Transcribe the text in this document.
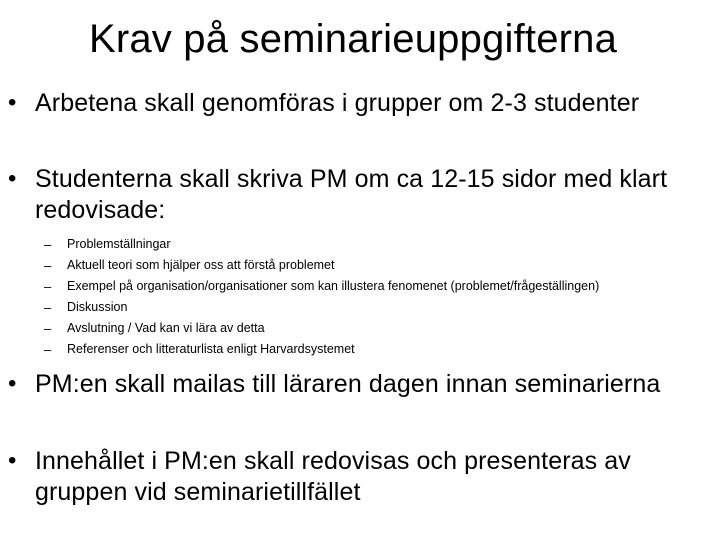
Krav på seminarieuppgifterna
• Arbetena skall genomföras i grupper om 2-3 studenter
• Studenterna skall skriva PM om ca 12-15 sidor med klart redovisade:
– Problemställningar
– Aktuell teori som hjälper oss att förstå problemet
– Exempel på organisation/organisationer som kan illustera fenomenet (problemet/frågeställingen)
– Diskussion
– Avslutning / Vad kan vi lära av detta
– Referenser och litteraturlista enligt Harvardsystemet
• PM:en skall mailas till läraren dagen innan seminarierna
• Innehållet i PM:en skall redovisas och presenteras av gruppen vid seminarietillfället
